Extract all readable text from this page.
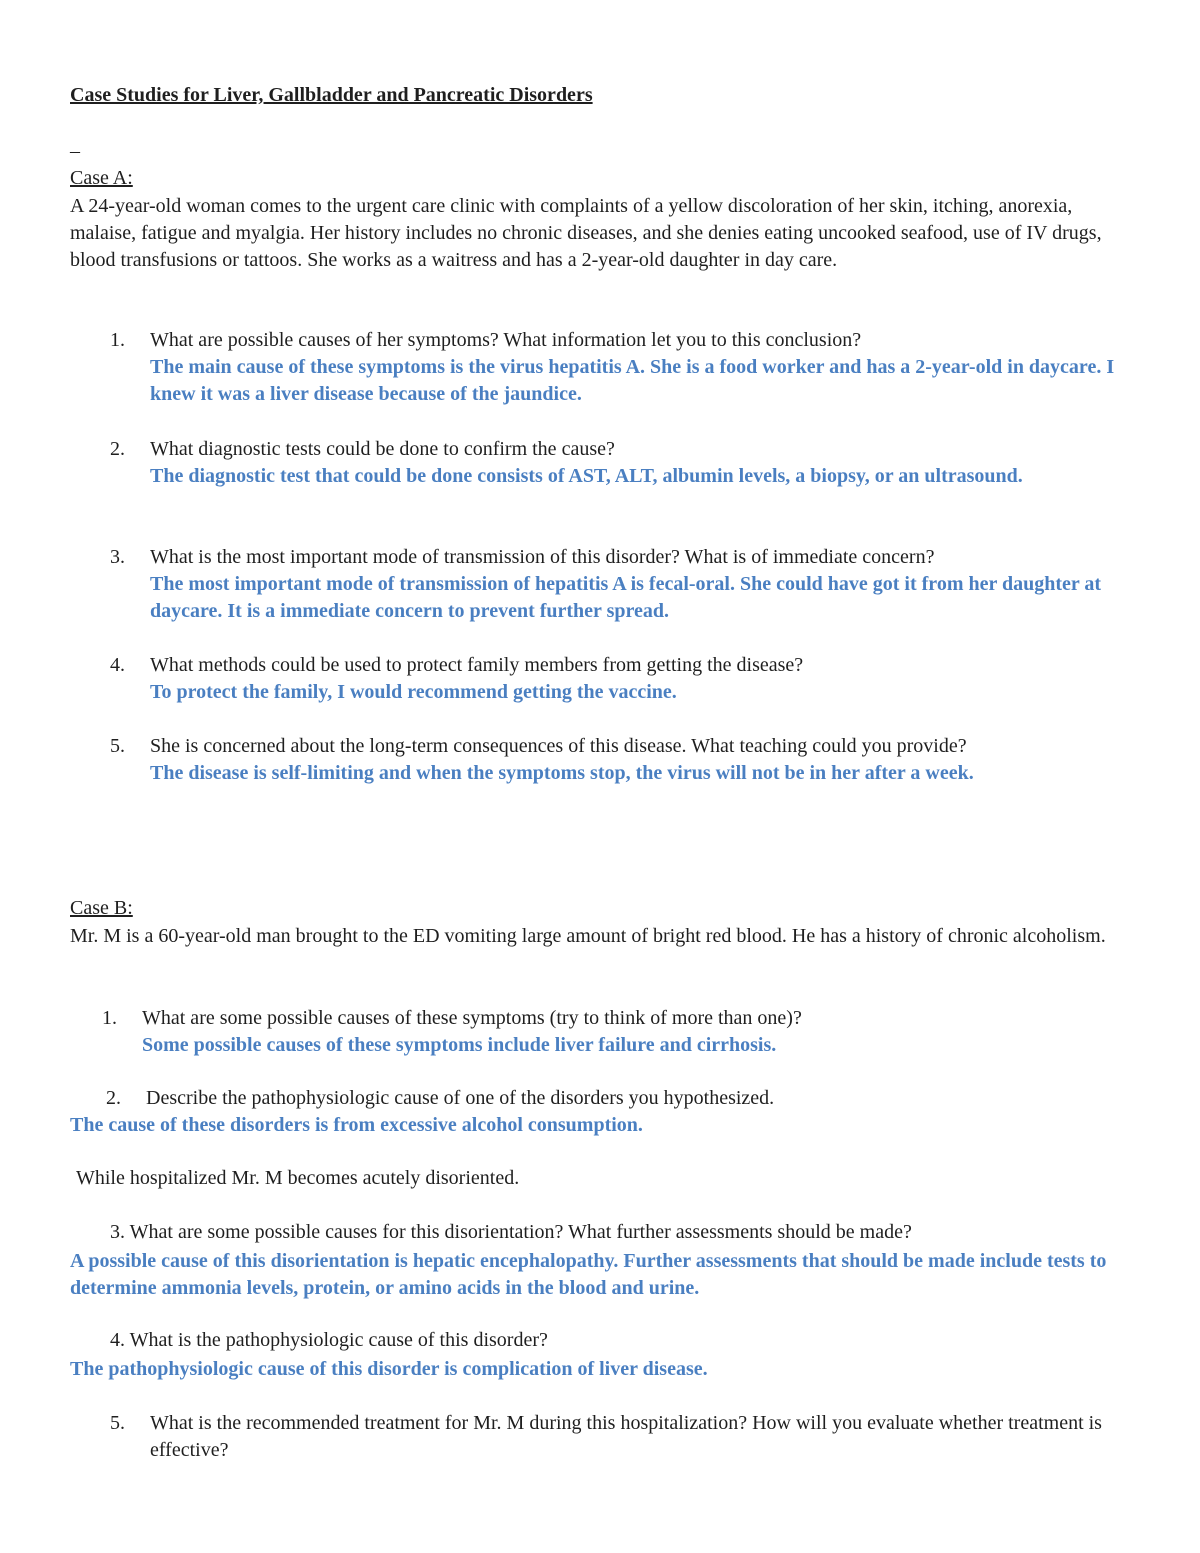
Case Studies for Liver, Gallbladder and Pancreatic Disorders
–
Case A:
A 24-year-old woman comes to the urgent care clinic with complaints of a yellow discoloration of her skin, itching, anorexia, malaise, fatigue and myalgia. Her history includes no chronic diseases, and she denies eating uncooked seafood, use of IV drugs, blood transfusions or tattoos. She works as a waitress and has a 2-year-old daughter in day care.
1.	What are possible causes of her symptoms? What information let you to this conclusion?
The main cause of these symptoms is the virus hepatitis A. She is a food worker and has a 2-year-old in daycare. I knew it was a liver disease because of the jaundice.
2.	What diagnostic tests could be done to confirm the cause?
The diagnostic test that could be done consists of AST, ALT, albumin levels, a biopsy, or an ultrasound.
3.	What is the most important mode of transmission of this disorder? What is of immediate concern?
The most important mode of transmission of hepatitis A is fecal-oral. She could have got it from her daughter at daycare. It is a immediate concern to prevent further spread.
4.	What methods could be used to protect family members from getting the disease?
To protect the family, I would recommend getting the vaccine.
5.	She is concerned about the long-term consequences of this disease. What teaching could you provide?
The disease is self-limiting and when the symptoms stop, the virus will not be in her after a week.
Case B:
Mr. M is a 60-year-old man brought to the ED vomiting large amount of bright red blood. He has a history of chronic alcoholism.
1.	What are some possible causes of these symptoms (try to think of more than one)?
Some possible causes of these symptoms include liver failure and cirrhosis.
2.	Describe the pathophysiologic cause of one of the disorders you hypothesized.
The cause of these disorders is from excessive alcohol consumption.
While hospitalized Mr. M becomes acutely disoriented.
3. What are some possible causes for this disorientation? What further assessments should be made?
A possible cause of this disorientation is hepatic encephalopathy. Further assessments that should be made include tests to determine ammonia levels, protein, or amino acids in the blood and urine.
4. What is the pathophysiologic cause of this disorder?
The pathophysiologic cause of this disorder is complication of liver disease.
5.	What is the recommended treatment for Mr. M during this hospitalization? How will you evaluate whether treatment is effective?
